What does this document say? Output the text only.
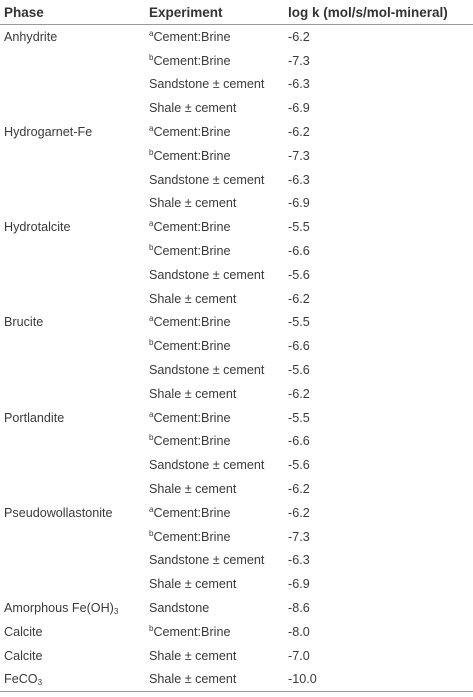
Phase	Experiment	log k (mol/s/mol-mineral)
Anhydrite	$^a$Cement:Brine	-6.2
	$^b$Cement:Brine	-7.3
	Sandstone ± cement	-6.3
	Shale ± cement	-6.9
Hydrogarnet-Fe	$^a$Cement:Brine	-6.2
	$^b$Cement:Brine	-7.3
	Sandstone ± cement	-6.3
	Shale ± cement	-6.9
Hydrotalcite	$^a$Cement:Brine	-5.5
	$^b$Cement:Brine	-6.6
	Sandstone ± cement	-5.6
	Shale ± cement	-6.2
Brucite	$^a$Cement:Brine	-5.5
	$^b$Cement:Brine	-6.6
	Sandstone ± cement	-5.6
	Shale ± cement	-6.2
Portlandite	$^a$Cement:Brine	-5.5
	$^b$Cement:Brine	-6.6
	Sandstone ± cement	-5.6
	Shale ± cement	-6.2
Pseudowollastonite	$^a$Cement:Brine	-6.2
	$^b$Cement:Brine	-7.3
	Sandstone ± cement	-6.3
	Shale ± cement	-6.9
Amorphous $Fe(OH)_3$	Sandstone	-8.6
Calcite	$^b$Cement:Brine	-8.0
Calcite	Shale ± cement	-7.0
FeCO$_3$	Shale ± cement	-10.0
